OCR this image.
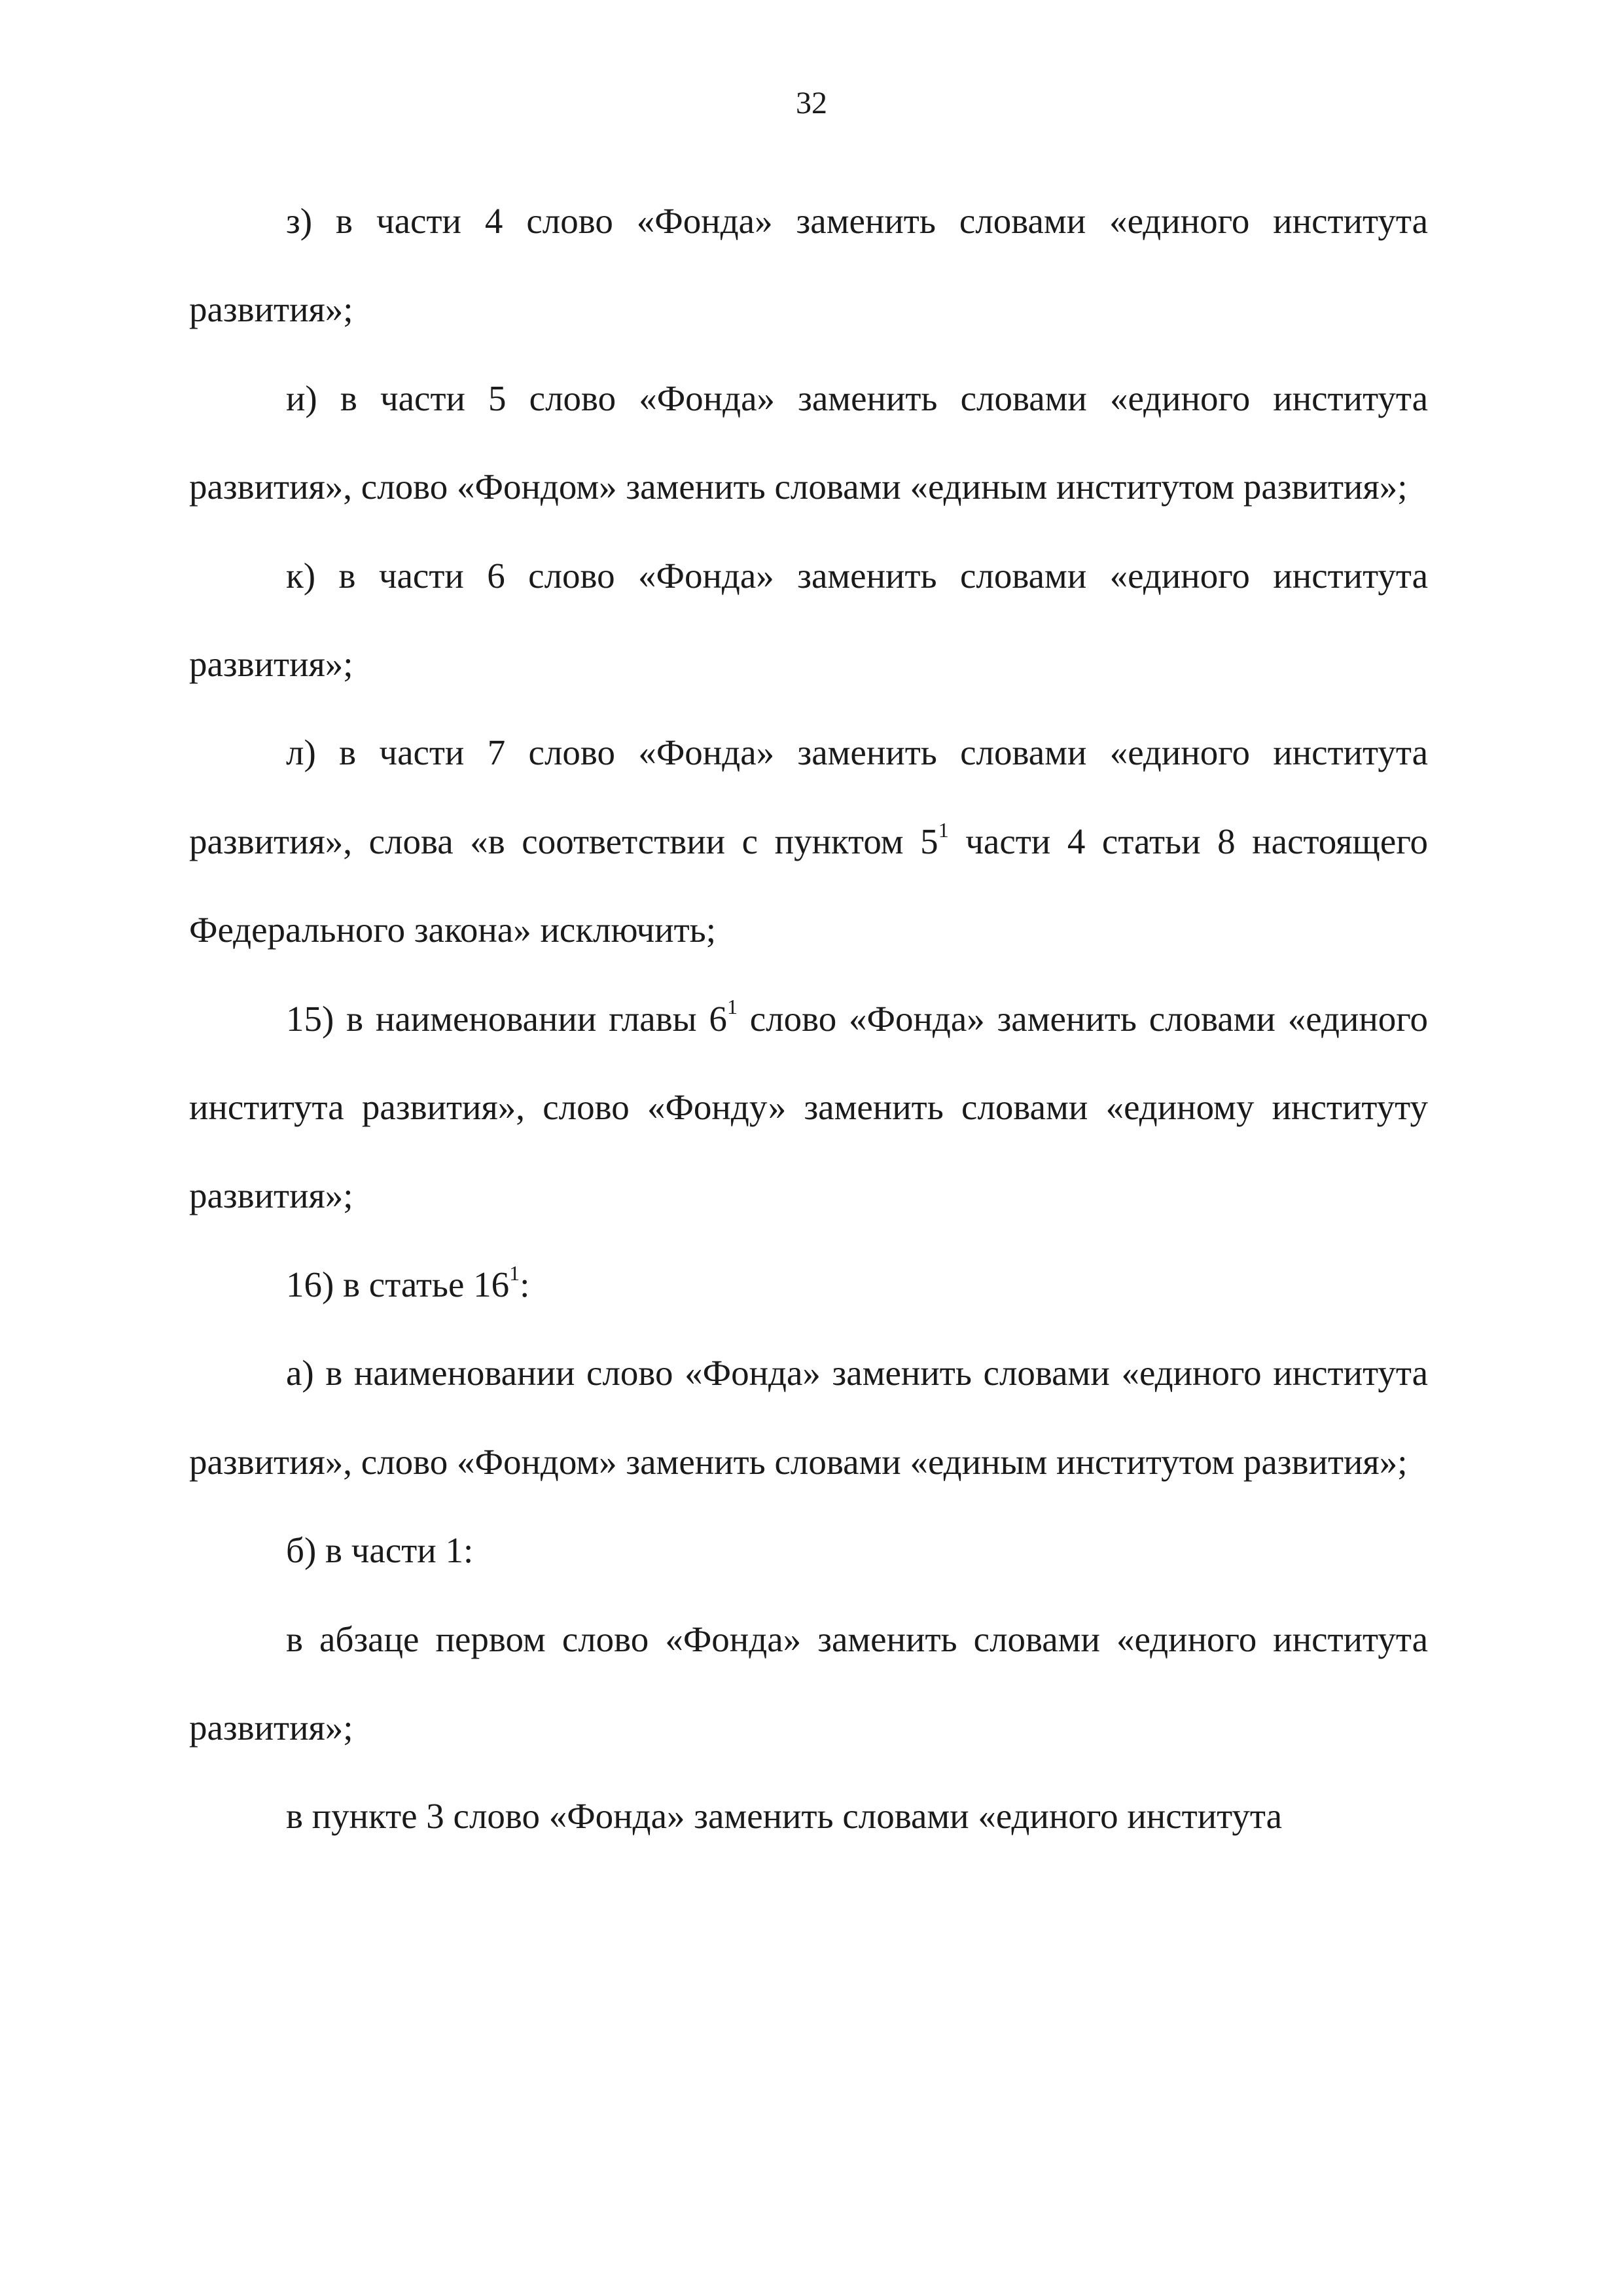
32

з) в части 4 слово «Фонда» заменить словами «единого института развития»;

и) в части 5 слово «Фонда» заменить словами «единого института развития», слово «Фондом» заменить словами «единым институтом развития»;

к) в части 6 слово «Фонда» заменить словами «единого института развития»;

л) в части 7 слово «Фонда» заменить словами «единого института развития», слова «в соответствии с пунктом $5^1$ части 4 статьи 8 настоящего Федерального закона» исключить;

15) в наименовании главы $6^1$ слово «Фонда» заменить словами «единого института развития», слово «Фонду» заменить словами «единому институту развития»;

16) в статье $16^1$:

а) в наименовании слово «Фонда» заменить словами «единого института развития», слово «Фондом» заменить словами «единым институтом развития»;

б) в части 1:

в абзаце первом слово «Фонда» заменить словами «единого института развития»;

в пункте 3 слово «Фонда» заменить словами «единого института
